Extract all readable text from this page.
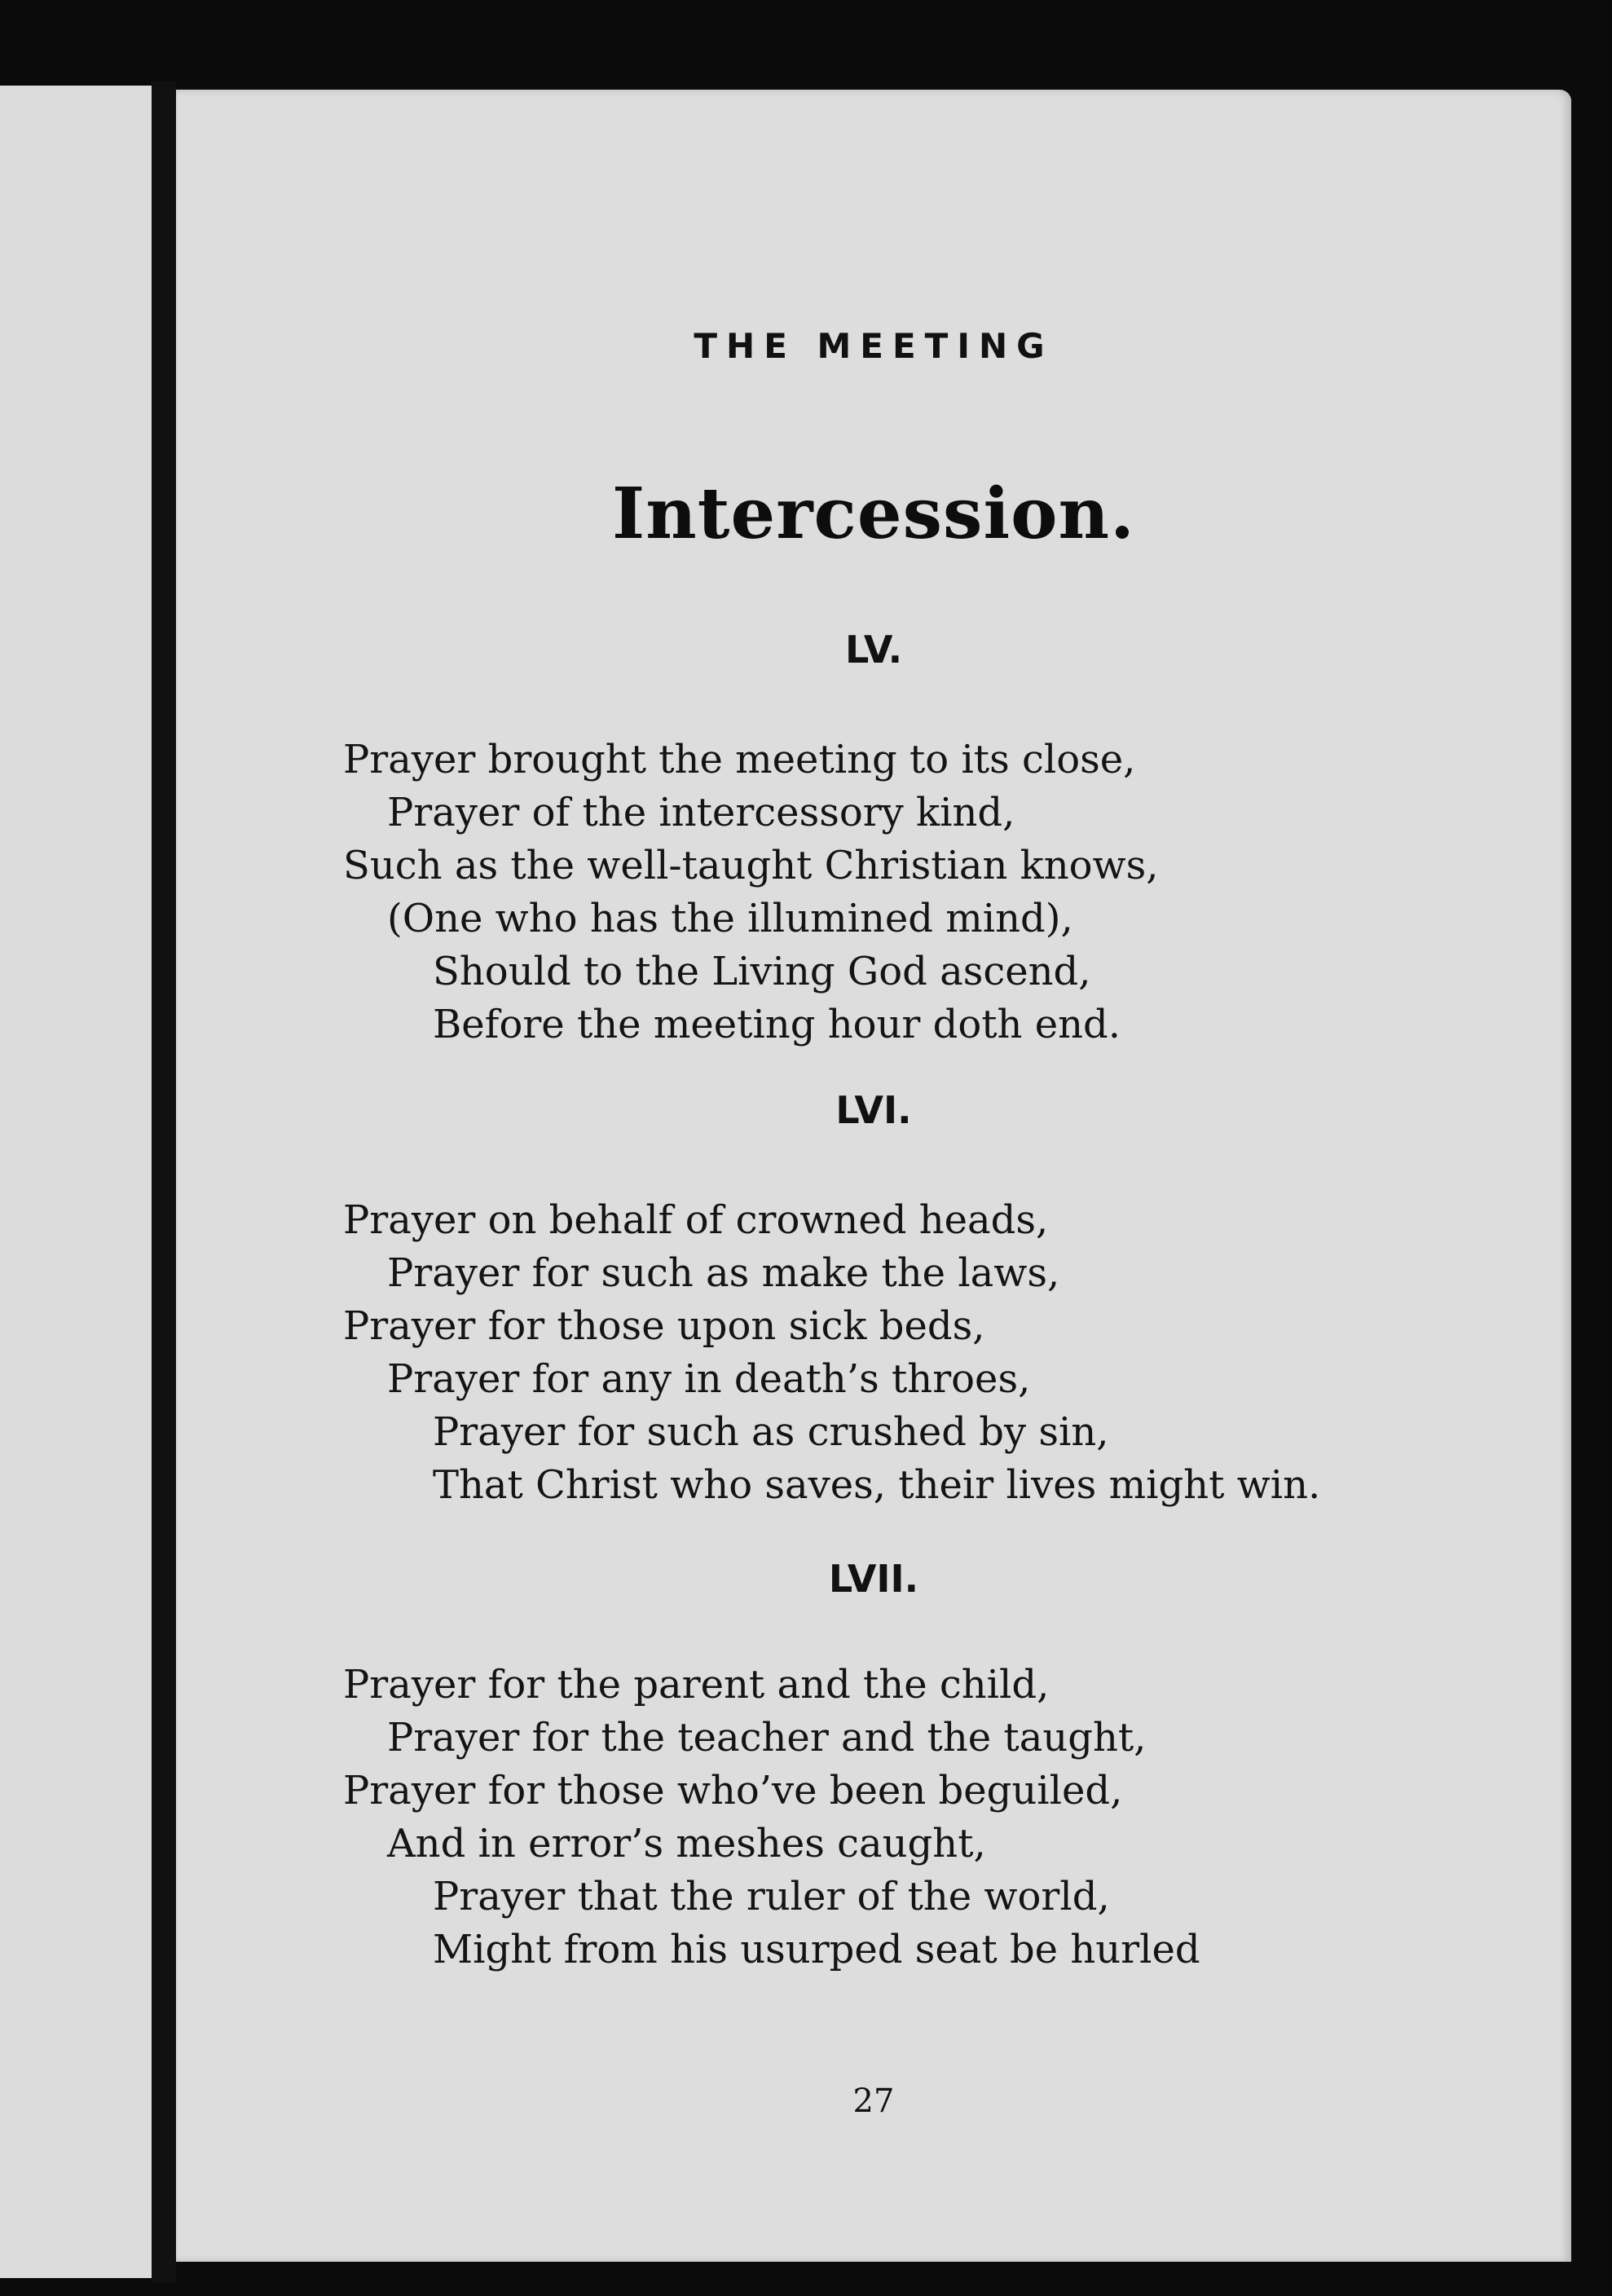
THE MEETING
Intercession.
LV.
Prayer brought the meeting to its close,
Prayer of the intercessory kind,
Such as the well-taught Christian knows,
(One who has the illumined mind),
Should to the Living God ascend,
Before the meeting hour doth end.
LVI.
Prayer on behalf of crowned heads,
Prayer for such as make the laws,
Prayer for those upon sick beds,
Prayer for any in death’s throes,
Prayer for such as crushed by sin,
That Christ who saves, their lives might win.
LVII.
Prayer for the parent and the child,
Prayer for the teacher and the taught,
Prayer for those who’ve been beguiled,
And in error’s meshes caught,
Prayer that the ruler of the world,
Might from his usurped seat be hurled

27
